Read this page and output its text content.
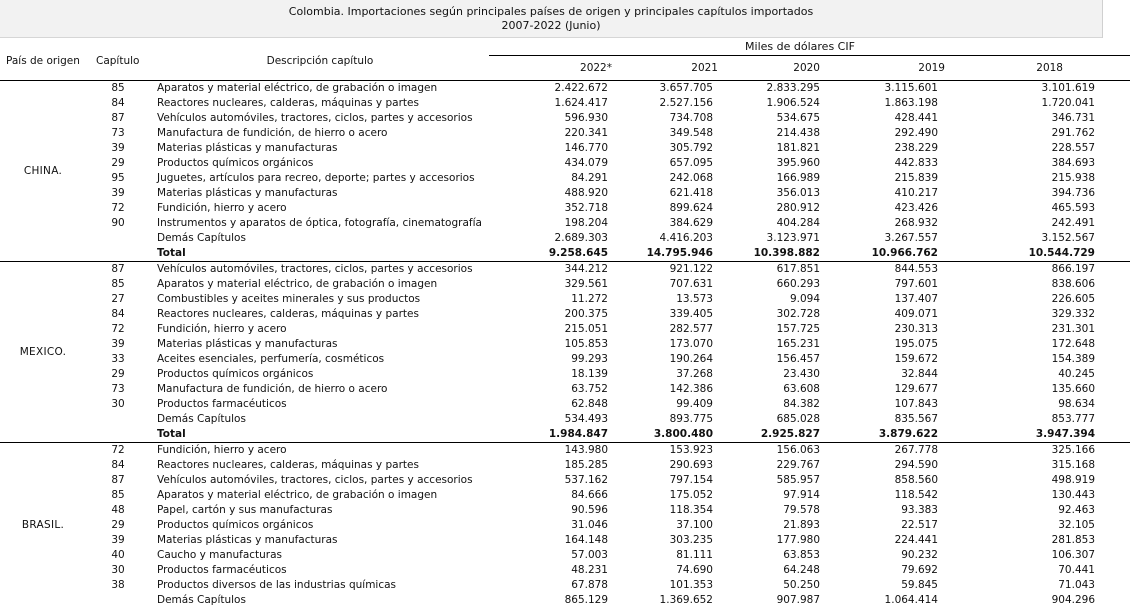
Colombia. Importaciones según principales países de origen y principales capítulos importados
2007-2022 (Junio)
País de origen Capítulo	Descripción capítulo
Miles de dólares CIF
2022*	2021	2020	2019	2018
CHINA.	85	Aparatos y material eléctrico, de grabación o imagen	2.422.672	3.657.705	2.833.295	3.115.601	3.101.619
	84	Reactores nucleares, calderas, máquinas y partes	1.624.417	2.527.156	1.906.524	1.863.198	1.720.041
	87	Vehículos automóviles, tractores, ciclos, partes y accesorios	596.930	734.708	534.675	428.441	346.731
	73	Manufactura de fundición, de hierro o acero	220.341	349.548	214.438	292.490	291.762
	39	Materias plásticas y manufacturas	146.770	305.792	181.821	238.229	228.557
	29	Productos químicos orgánicos	434.079	657.095	395.960	442.833	384.693
	95	Juguetes, artículos para recreo, deporte; partes y accesorios	84.291	242.068	166.989	215.839	215.938
	39	Materias plásticas y manufacturas	488.920	621.418	356.013	410.217	394.736
	72	Fundición, hierro y acero	352.718	899.624	280.912	423.426	465.593
	90	Instrumentos y aparatos de óptica, fotografía, cinematografía	198.204	384.629	404.284	268.932	242.491
		Demás Capítulos	2.689.303	4.416.203	3.123.971	3.267.557	3.152.567
		Total	9.258.645	14.795.946	10.398.882	10.966.762	10.544.729
MEXICO.	87	Vehículos automóviles, tractores, ciclos, partes y accesorios	344.212	921.122	617.851	844.553	866.197
	85	Aparatos y material eléctrico, de grabación o imagen	329.561	707.631	660.293	797.601	838.606
	27	Combustibles y aceites minerales y sus productos	11.272	13.573	9.094	137.407	226.605
	84	Reactores nucleares, calderas, máquinas y partes	200.375	339.405	302.728	409.071	329.332
	72	Fundición, hierro y acero	215.051	282.577	157.725	230.313	231.301
	39	Materias plásticas y manufacturas	105.853	173.070	165.231	195.075	172.648
	33	Aceites esenciales, perfumería, cosméticos	99.293	190.264	156.457	159.672	154.389
	29	Productos químicos orgánicos	18.139	37.268	23.430	32.844	40.245
	73	Manufactura de fundición, de hierro o acero	63.752	142.386	63.608	129.677	135.660
	30	Productos farmacéuticos	62.848	99.409	84.382	107.843	98.634
		Demás Capítulos	534.493	893.775	685.028	835.567	853.777
		Total	1.984.847	3.800.480	2.925.827	3.879.622	3.947.394
BRASIL.	72	Fundición, hierro y acero	143.980	153.923	156.063	267.778	325.166
	84	Reactores nucleares, calderas, máquinas y partes	185.285	290.693	229.767	294.590	315.168
	87	Vehículos automóviles, tractores, ciclos, partes y accesorios	537.162	797.154	585.957	858.560	498.919
	85	Aparatos y material eléctrico, de grabación o imagen	84.666	175.052	97.914	118.542	130.443
	48	Papel, cartón y sus manufacturas	90.596	118.354	79.578	93.383	92.463
	29	Productos químicos orgánicos	31.046	37.100	21.893	22.517	32.105
	39	Materias plásticas y manufacturas	164.148	303.235	177.980	224.441	281.853
	40	Caucho y manufacturas	57.003	81.111	63.853	90.232	106.307
	30	Productos farmacéuticos	48.231	74.690	64.248	79.692	70.441
	38	Productos diversos de las industrias químicas	67.878	101.353	50.250	59.845	71.043
		Demás Capítulos	865.129	1.369.652	907.987	1.064.414	904.296
